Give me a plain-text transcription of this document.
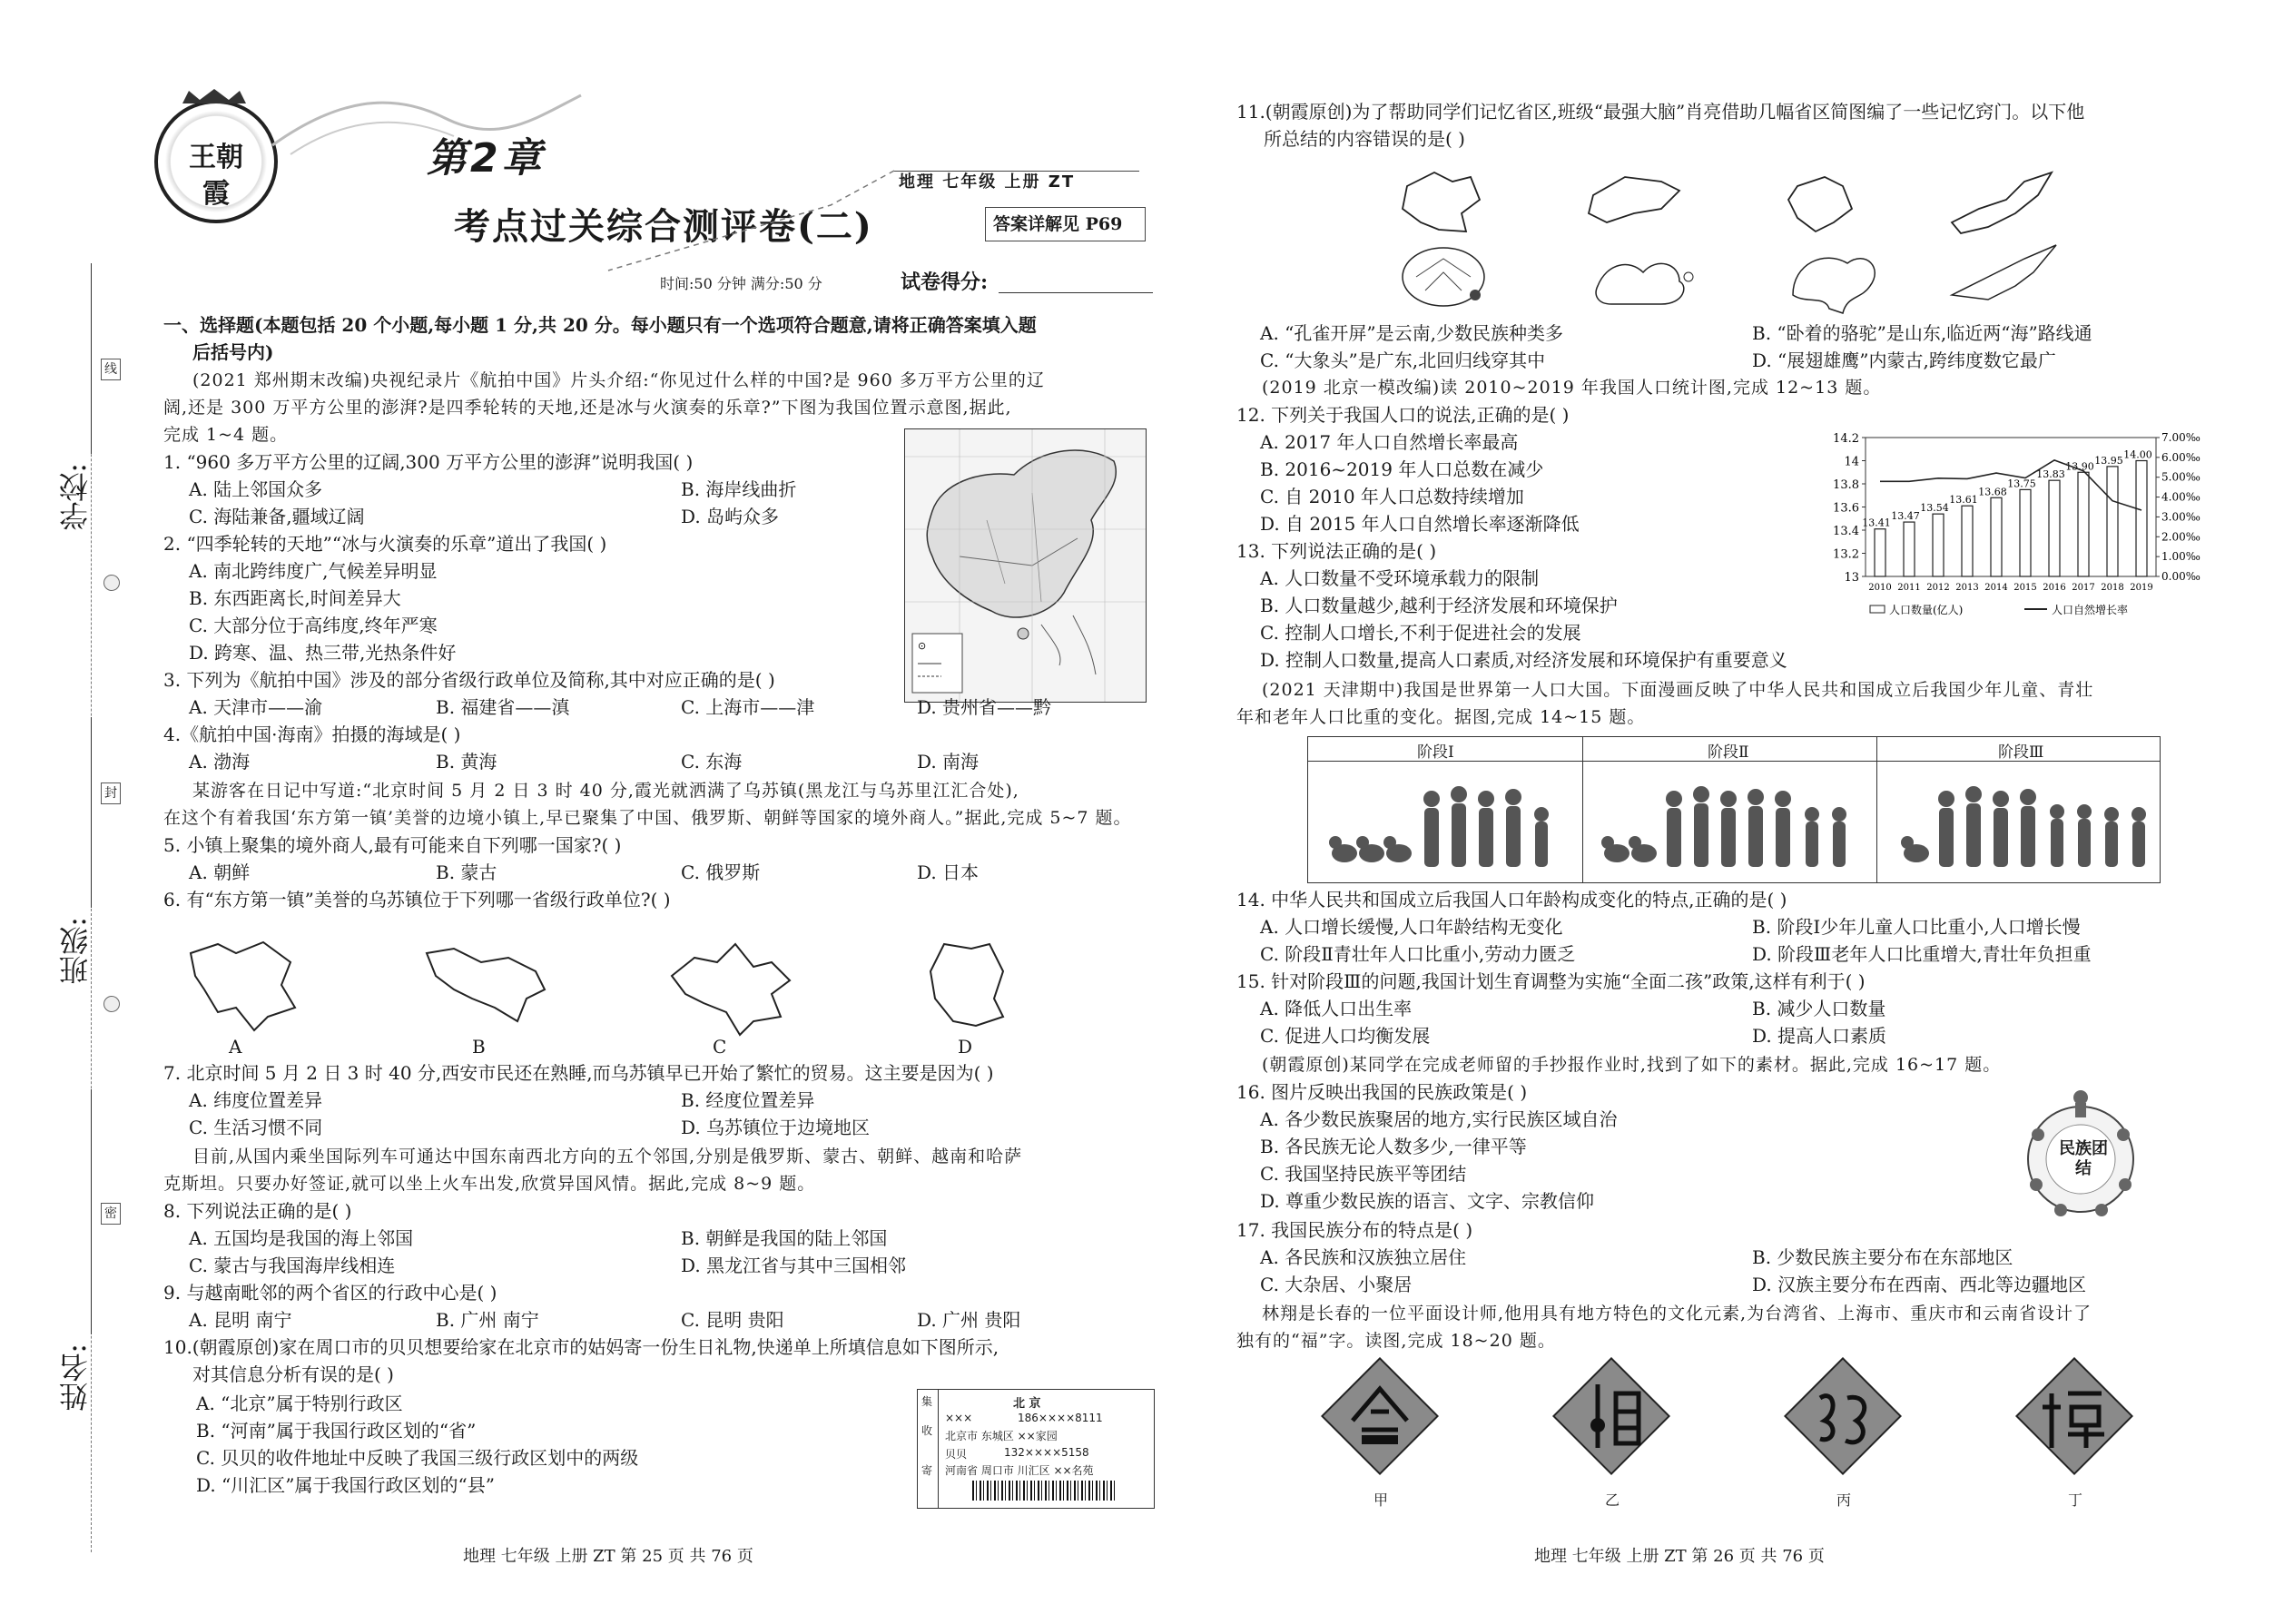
学校:
班级:
姓名:
线
封
密
王朝霞
第2章
考点过关综合测评卷(二)
地理 七年级 上册 ZT
答案详解见 P69
时间:50 分钟 满分:50 分	试卷得分:
一、选择题(本题包括 20 个小题,每小题 1 分,共 20 分。每小题只有一个选项符合题意,请将正确答案填入题
后括号内)
(2021 郑州期末改编)央视纪录片《航拍中国》片头介绍:“你见过什么样的中国?是 960 多万平方公里的辽
阔,还是 300 万平方公里的澎湃?是四季轮转的天地,还是冰与火演奏的乐章?”下图为我国位置示意图,据此,
完成 1~4 题。
⊙
1. “960 多万平方公里的辽阔,300 万平方公里的澎湃”说明我国( )
A. 陆上邻国众多	B. 海岸线曲折
C. 海陆兼备,疆域辽阔	D. 岛屿众多
2. “四季轮转的天地”“冰与火演奏的乐章”道出了我国( )
A. 南北跨纬度广,气候差异明显
B. 东西距离长,时间差异大
C. 大部分位于高纬度,终年严寒
D. 跨寒、温、热三带,光热条件好
3. 下列为《航拍中国》涉及的部分省级行政单位及简称,其中对应正确的是( )
A. 天津市——渝	B. 福建省——滇	C. 上海市——津	D. 贵州省——黔
4.《航拍中国·海南》拍摄的海域是( )
A. 渤海	B. 黄海	C. 东海	D. 南海
某游客在日记中写道:“北京时间 5 月 2 日 3 时 40 分,霞光就洒满了乌苏镇(黑龙江与乌苏里江汇合处),
在这个有着我国‘东方第一镇’美誉的边境小镇上,早已聚集了中国、俄罗斯、朝鲜等国家的境外商人。”据此,完成 5~7 题。
5. 小镇上聚集的境外商人,最有可能来自下列哪一国家?( )
A. 朝鲜	B. 蒙古	C. 俄罗斯	D. 日本
6. 有“东方第一镇”美誉的乌苏镇位于下列哪一省级行政单位?( )
A	B	C	D
7. 北京时间 5 月 2 日 3 时 40 分,西安市民还在熟睡,而乌苏镇早已开始了繁忙的贸易。这主要是因为( )
A. 纬度位置差异	B. 经度位置差异
C. 生活习惯不同	D. 乌苏镇位于边境地区
目前,从国内乘坐国际列车可通达中国东南西北方向的五个邻国,分别是俄罗斯、蒙古、朝鲜、越南和哈萨
克斯坦。只要办好签证,就可以坐上火车出发,欣赏异国风情。据此,完成 8~9 题。
8. 下列说法正确的是( )
A. 五国均是我国的海上邻国	B. 朝鲜是我国的陆上邻国
C. 蒙古与我国海岸线相连	D. 黑龙江省与其中三国相邻
9. 与越南毗邻的两个省区的行政中心是( )
A. 昆明 南宁	B. 广州 南宁	C. 昆明 贵阳	D. 广州 贵阳
10.(朝霞原创)家在周口市的贝贝想要给家在北京市的姑妈寄一份生日礼物,快递单上所填信息如下图所示,
对其信息分析有误的是( )
A. “北京”属于特别行政区
B. “河南”属于我国行政区划的“省”
C. 贝贝的收件地址中反映了我国三级行政区划中的两级
D. “川汇区”属于我国行政区划的“县”
集
收
寄
北 京
×××	186××××8111
北京市 东城区 ××家园
贝贝	132××××5158
河南省 周口市 川汇区 ××名苑
地理 七年级 上册 ZT 第 25 页 共 76 页
11.(朝霞原创)为了帮助同学们记忆省区,班级“最强大脑”肖亮借助几幅省区简图编了一些记忆窍门。以下他
所总结的内容错误的是( )
A. “孔雀开屏”是云南,少数民族种类多	B. “卧着的骆驼”是山东,临近两“海”路线通
C. “大象头”是广东,北回归线穿其中	D. “展翅雄鹰”内蒙古,跨纬度数它最广
(2019 北京一模改编)读 2010~2019 年我国人口统计图,完成 12~13 题。
12. 下列关于我国人口的说法,正确的是( )
A. 2017 年人口自然增长率最高
B. 2016~2019 年人口总数在减少
C. 自 2010 年人口总数持续增加
D. 自 2015 年人口自然增长率逐渐降低
14.2
14
13.8
13.6
13.4
13.2
13
7.00‰
6.00‰
5.00‰
4.00‰
3.00‰
2.00‰
1.00‰
0.00‰
13.41
2010
13.47
2011
13.54
2012
13.61
2013
13.68
2014
13.75
2015
13.83
2016
13.90
2017
13.95
2018
14.00
2019
人口数量(亿人)	人口自然增长率
13. 下列说法正确的是( )
A. 人口数量不受环境承载力的限制
B. 人口数量越少,越利于经济发展和环境保护
C. 控制人口增长,不利于促进社会的发展
D. 控制人口数量,提高人口素质,对经济发展和环境保护有重要意义
(2021 天津期中)我国是世界第一人口大国。下面漫画反映了中华人民共和国成立后我国少年儿童、青壮
年和老年人口比重的变化。据图,完成 14~15 题。
阶段Ⅰ	阶段Ⅱ	阶段Ⅲ
14. 中华人民共和国成立后我国人口年龄构成变化的特点,正确的是( )
A. 人口增长缓慢,人口年龄结构无变化	B. 阶段Ⅰ少年儿童人口比重小,人口增长慢
C. 阶段Ⅱ青壮年人口比重小,劳动力匮乏	D. 阶段Ⅲ老年人口比重增大,青壮年负担重
15. 针对阶段Ⅲ的问题,我国计划生育调整为实施“全面二孩”政策,这样有利于( )
A. 降低人口出生率	B. 减少人口数量
C. 促进人口均衡发展	D. 提高人口素质
(朝霞原创)某同学在完成老师留的手抄报作业时,找到了如下的素材。据此,完成 16~17 题。
16. 图片反映出我国的民族政策是( )
A. 各少数民族聚居的地方,实行民族区域自治
B. 各民族无论人数多少,一律平等
C. 我国坚持民族平等团结
D. 尊重少数民族的语言、文字、宗教信仰
民族团结
17. 我国民族分布的特点是( )
A. 各民族和汉族独立居住	B. 少数民族主要分布在东部地区
C. 大杂居、小聚居	D. 汉族主要分布在西南、西北等边疆地区
林翔是长春的一位平面设计师,他用具有地方特色的文化元素,为台湾省、上海市、重庆市和云南省设计了
独有的“福”字。读图,完成 18~20 题。
甲	乙	丙	丁
地理 七年级 上册 ZT 第 26 页 共 76 页
